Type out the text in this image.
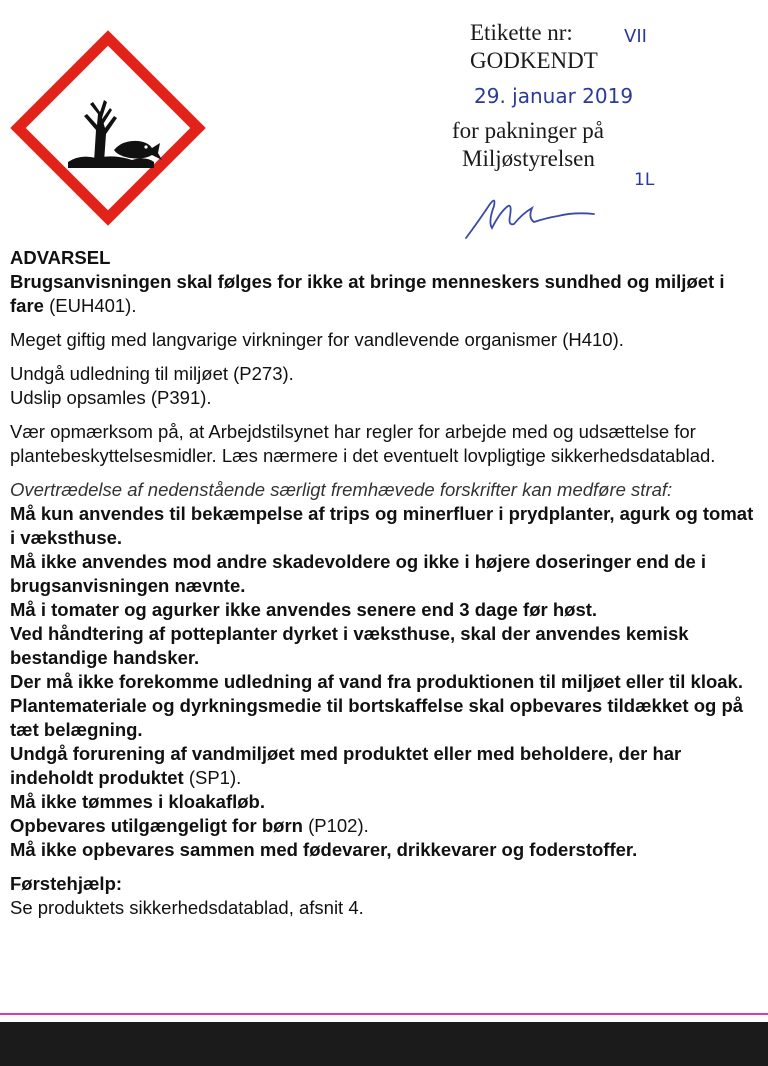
Etikette nr:	VII
GODKENDT
29. januar 2019
for pakninger på
Miljøstyrelsen
1L

ADVARSEL

Brugsanvisningen skal følges for ikke at bringe menneskers sundhed og miljøet i fare (EUH401).

Meget giftig med langvarige virkninger for vandlevende organismer (H410).

Undgå udledning til miljøet (P273).

Udslip opsamles (P391).

Vær opmærksom på, at Arbejdstilsynet har regler for arbejde med og udsættelse for plantebeskyttelsesmidler. Læs nærmere i det eventuelt lovpligtige sikkerhedsdatablad.

Overtrædelse af nedenstående særligt fremhævede forskrifter kan medføre straf:

Må kun anvendes til bekæmpelse af trips og minerfluer i prydplanter, agurk og tomat i væksthuse.

Må ikke anvendes mod andre skadevoldere og ikke i højere doseringer end de i brugsanvisningen nævnte.

Må i tomater og agurker ikke anvendes senere end 3 dage før høst.

Ved håndtering af potteplanter dyrket i væksthuse, skal der anvendes kemisk bestandige handsker.

Der må ikke forekomme udledning af vand fra produktionen til miljøet eller til kloak. Plantemateriale og dyrkningsmedie til bortskaffelse skal opbevares tildækket og på tæt belægning.

Undgå forurening af vandmiljøet med produktet eller med beholdere, der har indeholdt produktet (SP1).

Må ikke tømmes i kloakafløb.

Opbevares utilgængeligt for børn (P102).

Må ikke opbevares sammen med fødevarer, drikkevarer og foderstoffer.

Førstehjælp:

Se produktets sikkerhedsdatablad, afsnit 4.
